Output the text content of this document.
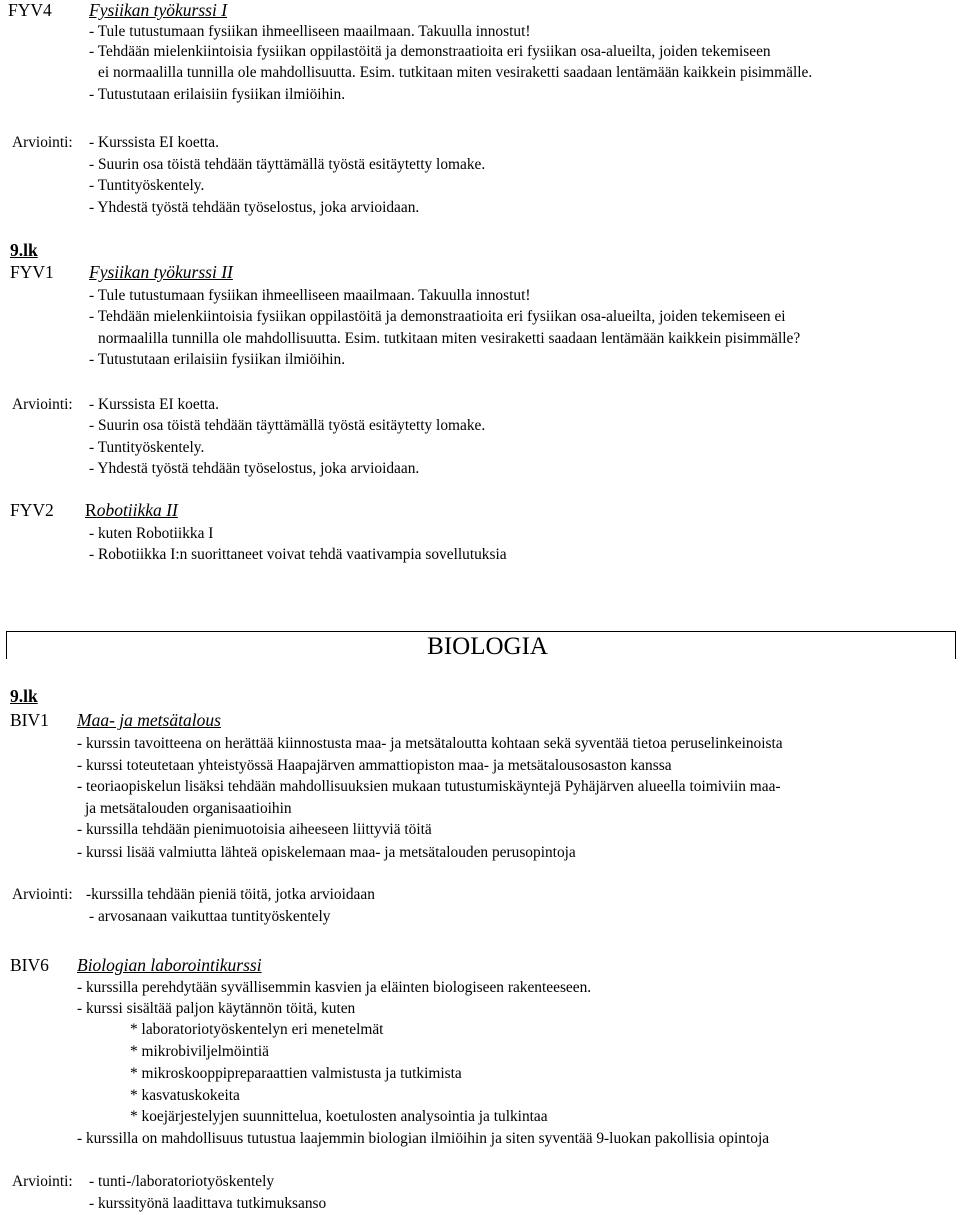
FYV4 Fysiikan työkurssi I
- Tule tutustumaan fysiikan ihmeelliseen maailmaan. Takuulla innostut!
- Tehdään mielenkiintoisia fysiikan oppilastöitä ja demonstraatioita eri fysiikan osa-alueilta, joiden tekemiseen
ei normaalilla tunnilla ole mahdollisuutta. Esim. tutkitaan miten vesiraketti saadaan lentämään kaikkein pisimmälle.
- Tutustutaan erilaisiin fysiikan ilmiöihin.
Arviointi: - Kurssista EI koetta.
- Suurin osa töistä tehdään täyttämällä työstä esitäytetty lomake.
- Tuntityöskentely.
- Yhdestä työstä tehdään työselostus, joka arvioidaan.
9.lk
FYV1 Fysiikan työkurssi II
- Tule tutustumaan fysiikan ihmeelliseen maailmaan. Takuulla innostut!
- Tehdään mielenkiintoisia fysiikan oppilastöitä ja demonstraatioita eri fysiikan osa-alueilta, joiden tekemiseen ei
normaalilla tunnilla ole mahdollisuutta. Esim. tutkitaan miten vesiraketti saadaan lentämään kaikkein pisimmälle?
- Tutustutaan erilaisiin fysiikan ilmiöihin.
Arviointi: - Kurssista EI koetta.
- Suurin osa töistä tehdään täyttämällä työstä esitäytetty lomake.
- Tuntityöskentely.
- Yhdestä työstä tehdään työselostus, joka arvioidaan.
FYV2 Robotiikka II
- kuten Robotiikka I
- Robotiikka I:n suorittaneet voivat tehdä vaativampia sovellutuksia
BIOLOGIA
9.lk
BIV1 Maa- ja metsätalous
- kurssin tavoitteena on herättää kiinnostusta maa- ja metsätaloutta kohtaan sekä syventää tietoa peruselinkeinoista
- kurssi toteutetaan yhteistyössä Haapajärven ammattiopiston maa- ja metsätalousosaston kanssa
- teoriaopiskelun lisäksi tehdään mahdollisuuksien mukaan tutustumiskäyntejä Pyhäjärven alueella toimiviin maa-
ja metsätalouden organisaatioihin
- kurssilla tehdään pienimuotoisia aiheeseen liittyviä töitä
- kurssi lisää valmiutta lähteä opiskelemaan maa- ja metsätalouden perusopintoja
Arviointi: -kurssilla tehdään pieniä töitä, jotka arvioidaan
- arvosanaan vaikuttaa tuntityöskentely
BIV6 Biologian laborointikurssi
- kurssilla perehdytään syvällisemmin kasvien ja eläinten biologiseen rakenteeseen.
- kurssi sisältää paljon käytännön töitä, kuten
* laboratoriotyöskentelyn eri menetelmät
* mikrobiviljelmöintiä
* mikroskooppipreparaattien valmistusta ja tutkimista
* kasvatuskokeita
* koejärjestelyjen suunnittelua, koetulosten analysointia ja tulkintaa
- kurssilla on mahdollisuus tutustua laajemmin biologian ilmiöihin ja siten syventää 9-luokan pakollisia opintoja
Arviointi: - tunti-/laboratoriotyöskentely
- kurssityönä laadittava tutkimuksanso
